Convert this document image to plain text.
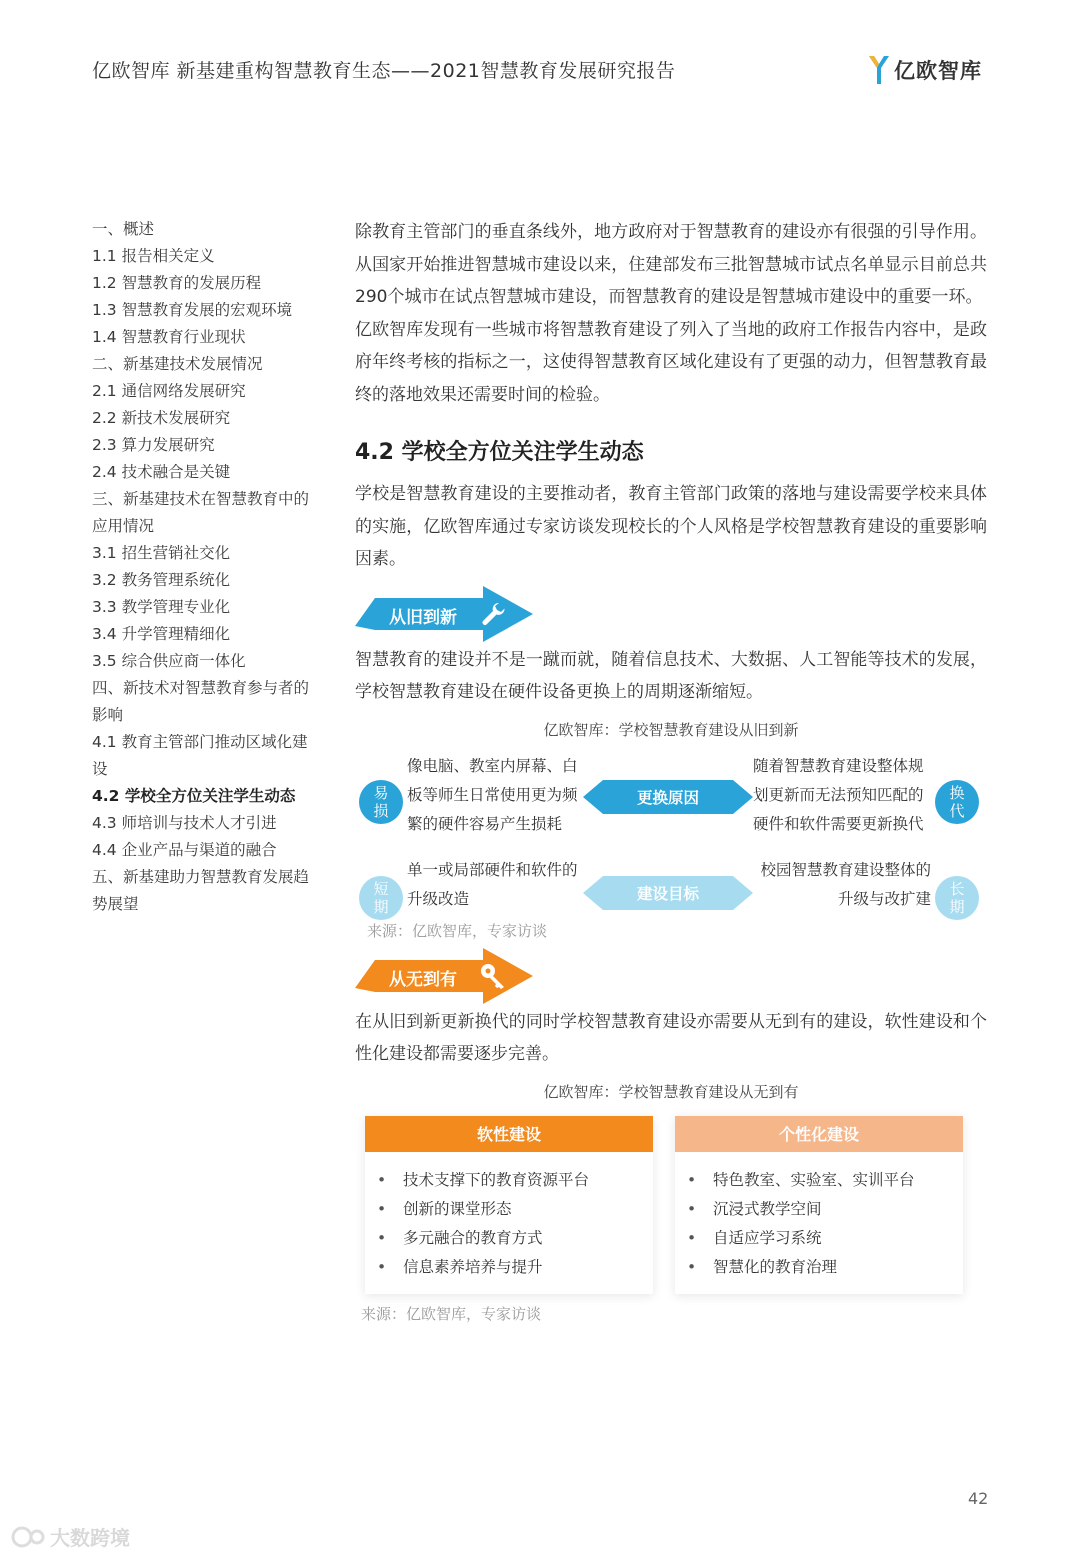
亿欧智库 新基建重构智慧教育生态——2021智慧教育发展研究报告	亿欧智库
一、概述
1.1 报告相关定义
1.2 智慧教育的发展历程
1.3 智慧教育发展的宏观环境
1.4 智慧教育行业现状
二、新基建技术发展情况
2.1 通信网络发展研究
2.2 新技术发展研究
2.3 算力发展研究
2.4 技术融合是关键
三、新基建技术在智慧教育中的应用情况
3.1 招生营销社交化
3.2 教务管理系统化
3.3 教学管理专业化
3.4 升学管理精细化
3.5 综合供应商一体化
四、新技术对智慧教育参与者的影响
4.1 教育主管部门推动区域化建设
4.2 学校全方位关注学生动态
4.3 师培训与技术人才引进
4.4 企业产品与渠道的融合
五、新基建助力智慧教育发展趋势展望

除教育主管部门的垂直条线外，地方政府对于智慧教育的建设亦有很强的引导作用。从国家开始推进智慧城市建设以来，住建部发布三批智慧城市试点名单显示目前总共290个城市在试点智慧城市建设，而智慧教育的建设是智慧城市建设中的重要一环。

亿欧智库发现有一些城市将智慧教育建设了列入了当地的政府工作报告内容中，是政府年终考核的指标之一，这使得智慧教育区域化建设有了更强的动力，但智慧教育最终的落地效果还需要时间的检验。

4.2 学校全方位关注学生动态

学校是智慧教育建设的主要推动者，教育主管部门政策的落地与建设需要学校来具体的实施，亿欧智库通过专家访谈发现校长的个人风格是学校智慧教育建设的重要影响因素。

从旧到新

智慧教育的建设并不是一蹴而就，随着信息技术、大数据、人工智能等技术的发展，学校智慧教育建设在硬件设备更换上的周期逐渐缩短。

亿欧智库：学校智慧教育建设从旧到新
易损
像电脑、教室内屏幕、白板等师生日常使用更为频繁的硬件容易产生损耗
更换原因
随着智慧教育建设整体规划更新而无法预知匹配的硬件和软件需要更新换代
换代
短期
单一或局部硬件和软件的升级改造	建设目标
校园智慧教育建设整体的升级与改扩建
长期
来源：亿欧智库，专家访谈
从无到有

在从旧到新更新换代的同时学校智慧教育建设亦需要从无到有的建设，软性建设和个性化建设都需要逐步完善。

亿欧智库：学校智慧教育建设从无到有
软性建设
•	技术支撑下的教育资源平台
•	创新的课堂形态
•	多元融合的教育方式
•	信息素养培养与提升
个性化建设
•	特色教室、实验室、实训平台
•	沉浸式教学空间
•	自适应学习系统
•	智慧化的教育治理
来源：亿欧智库，专家访谈
42
大数跨境
